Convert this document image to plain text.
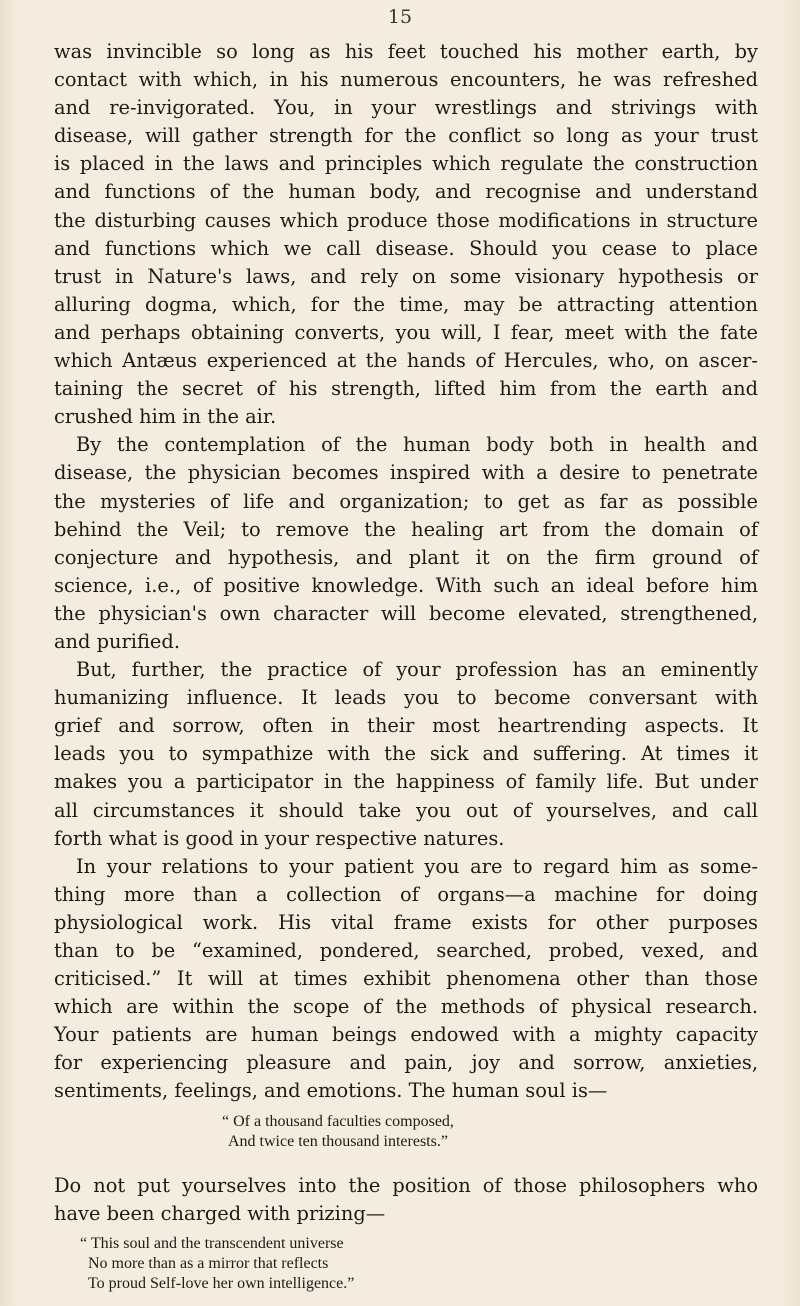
15
was invincible so long as his feet touched his mother earth, by
contact with which, in his numerous encounters, he was refreshed
and re-invigorated. You, in your wrestlings and strivings with
disease, will gather strength for the conflict so long as your trust
is placed in the laws and principles which regulate the construction
and functions of the human body, and recognise and understand
the disturbing causes which produce those modifications in structure
and functions which we call disease. Should you cease to place
trust in Nature's laws, and rely on some visionary hypothesis or
alluring dogma, which, for the time, may be attracting attention
and perhaps obtaining converts, you will, I fear, meet with the fate
which Antæus experienced at the hands of Hercules, who, on ascer-
taining the secret of his strength, lifted him from the earth and
crushed him in the air.
By the contemplation of the human body both in health and
disease, the physician becomes inspired with a desire to penetrate
the mysteries of life and organization; to get as far as possible
behind the Veil; to remove the healing art from the domain of
conjecture and hypothesis, and plant it on the firm ground of
science, i.e., of positive knowledge. With such an ideal before him
the physician's own character will become elevated, strengthened,
and purified.
But, further, the practice of your profession has an eminently
humanizing influence. It leads you to become conversant with
grief and sorrow, often in their most heartrending aspects. It
leads you to sympathize with the sick and suffering. At times it
makes you a participator in the happiness of family life. But under
all circumstances it should take you out of yourselves, and call
forth what is good in your respective natures.
In your relations to your patient you are to regard him as some-
thing more than a collection of organs—a machine for doing
physiological work. His vital frame exists for other purposes
than to be “examined, pondered, searched, probed, vexed, and
criticised.” It will at times exhibit phenomena other than those
which are within the scope of the methods of physical research.
Your patients are human beings endowed with a mighty capacity
for experiencing pleasure and pain, joy and sorrow, anxieties,
sentiments, feelings, and emotions. The human soul is—
“ Of a thousand faculties composed,
And twice ten thousand interests.”
Do not put yourselves into the position of those philosophers who
have been charged with prizing—
“ This soul and the transcendent universe
No more than as a mirror that reflects
To proud Self-love her own intelligence.”
